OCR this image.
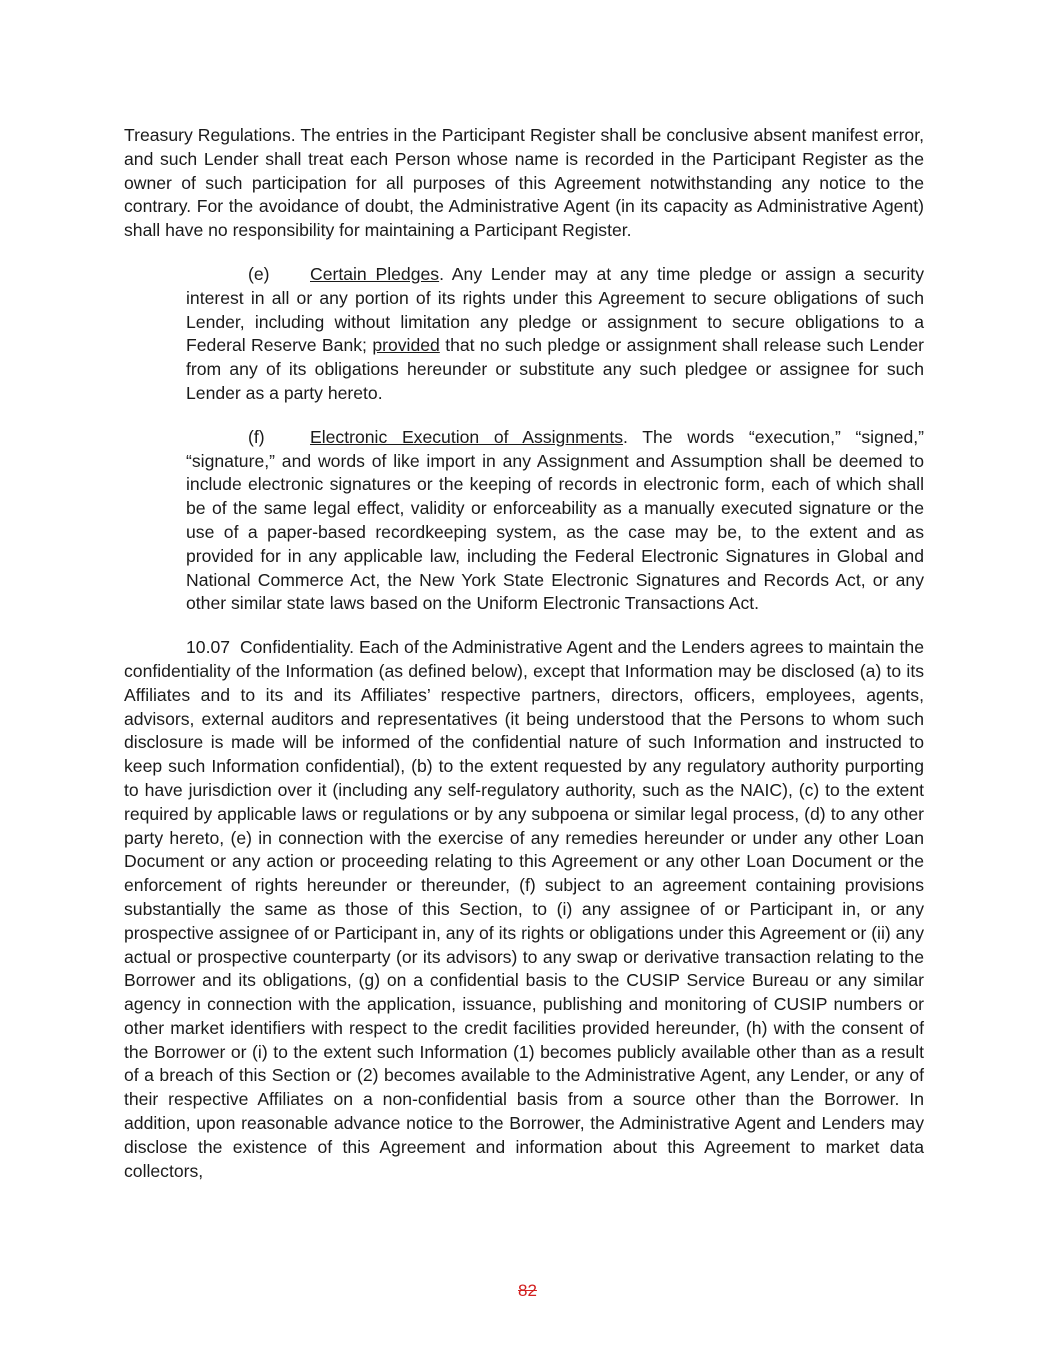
Treasury Regulations. The entries in the Participant Register shall be conclusive absent manifest error, and such Lender shall treat each Person whose name is recorded in the Participant Register as the owner of such participation for all purposes of this Agreement notwithstanding any notice to the contrary. For the avoidance of doubt, the Administrative Agent (in its capacity as Administrative Agent) shall have no responsibility for maintaining a Participant Register.

(e) Certain Pledges. Any Lender may at any time pledge or assign a security interest in all or any portion of its rights under this Agreement to secure obligations of such Lender, including without limitation any pledge or assignment to secure obligations to a Federal Reserve Bank; provided that no such pledge or assignment shall release such Lender from any of its obligations hereunder or substitute any such pledgee or assignee for such Lender as a party hereto.

(f)	Electronic Execution of Assignments. The words “execution,” “signed,” “signature,” and words of like import in any Assignment and Assumption shall be deemed to include electronic signatures or the keeping of records in electronic form, each of which shall be of the same legal effect, validity or enforceability as a manually executed signature or the use of a paper-based recordkeeping system, as the case may be, to the extent and as provided for in any applicable law, including the Federal Electronic Signatures in Global and National Commerce Act, the New York State Electronic Signatures and Records Act, or any other similar state laws based on the Uniform Electronic Transactions Act.

10.07 Confidentiality. Each of the Administrative Agent and the Lenders agrees to maintain the confidentiality of the Information (as defined below), except that Information may be disclosed (a) to its Affiliates and to its and its Affiliates’ respective partners, directors, officers, employees, agents, advisors, external auditors and representatives (it being understood that the Persons to whom such disclosure is made will be informed of the confidential nature of such Information and instructed to keep such Information confidential), (b) to the extent requested by any regulatory authority purporting to have jurisdiction over it (including any self-regulatory authority, such as the NAIC), (c) to the extent required by applicable laws or regulations or by any subpoena or similar legal process, (d) to any other party hereto, (e) in connection with the exercise of any remedies hereunder or under any other Loan Document or any action or proceeding relating to this Agreement or any other Loan Document or the enforcement of rights hereunder or thereunder, (f) subject to an agreement containing provisions substantially the same as those of this Section, to (i) any assignee of or Participant in, or any prospective assignee of or Participant in, any of its rights or obligations under this Agreement or (ii) any actual or prospective counterparty (or its advisors) to any swap or derivative transaction relating to the Borrower and its obligations, (g) on a confidential basis to the CUSIP Service Bureau or any similar agency in connection with the application, issuance, publishing and monitoring of CUSIP numbers or other market identifiers with respect to the credit facilities provided hereunder, (h) with the consent of the Borrower or (i) to the extent such Information (1) becomes publicly available other than as a result of a breach of this Section or (2) becomes available to the Administrative Agent, any Lender, or any of their respective Affiliates on a non-confidential basis from a source other than the Borrower. In addition, upon reasonable advance notice to the Borrower, the Administrative Agent and Lenders may disclose the existence of this Agreement and information about this Agreement to market data collectors,

82
